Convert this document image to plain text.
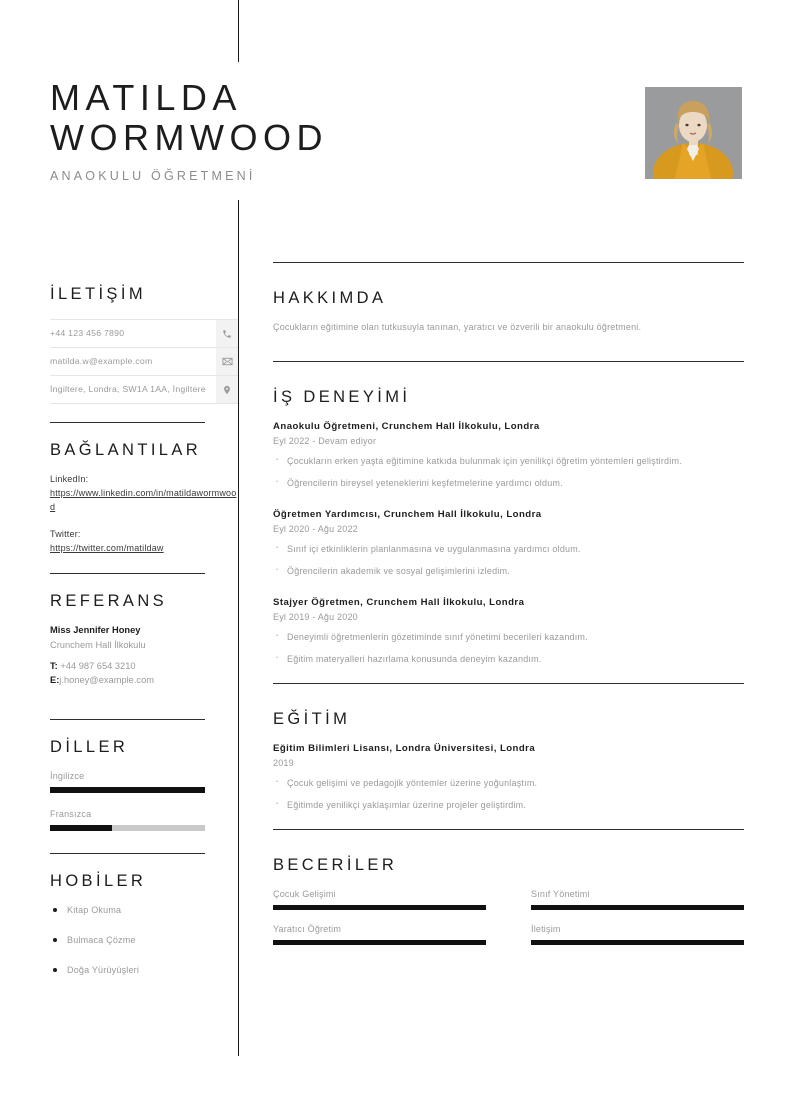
MATILDA
WORMWOOD
ANAOKULU ÖĞRETMENİ
İLETİŞİM
+44 123 456 7890
matilda.w@example.com
İngiltere, Londra, SW1A 1AA, İngiltere
BAĞLANTILAR
LinkedIn:
https://www.linkedin.com/in/matildawormwood
Twitter:
https://twitter.com/matildaw
REFERANS
Miss Jennifer Honey
Crunchem Hall İlkokulu
T: +44 987 654 3210
E:j.honey@example.com
DİLLER
İngilizce
Fransızca
HOBİLER
Kitap Okuma
Bulmaca Çözme
Doğa Yürüyüşleri
HAKKIMDA
Çocukların eğitimine olan tutkusuyla tanınan, yaratıcı ve özverili bir anaokulu öğretmeni.
İŞ DENEYİMİ
Anaokulu Öğretmeni, Crunchem Hall İlkokulu, Londra
Eyl 2022 - Devam ediyor
· Çocukların erken yaşta eğitimine katkıda bulunmak için yenilikçi öğretim yöntemleri geliştirdim.
· Öğrencilerin bireysel yeteneklerini keşfetmelerine yardımcı oldum.
Öğretmen Yardımcısı, Crunchem Hall İlkokulu, Londra
Eyl 2020 - Ağu 2022
· Sınıf içi etkinliklerin planlanmasına ve uygulanmasına yardımcı oldum.
· Öğrencilerin akademik ve sosyal gelişimlerini izledim.
Stajyer Öğretmen, Crunchem Hall İlkokulu, Londra
Eyl 2019 - Ağu 2020
· Deneyimli öğretmenlerin gözetiminde sınıf yönetimi becerileri kazandım.
· Eğitim materyalleri hazırlama konusunda deneyim kazandım.
EĞİTİM
Eğitim Bilimleri Lisansı, Londra Üniversitesi, Londra
2019
· Çocuk gelişimi ve pedagojik yöntemler üzerine yoğunlaştım.
· Eğitimde yenilikçi yaklaşımlar üzerine projeler geliştirdim.
BECERİLER
Çocuk Gelişimi	Sınıf Yönetimi
Yaratıcı Öğretim	İletişim
